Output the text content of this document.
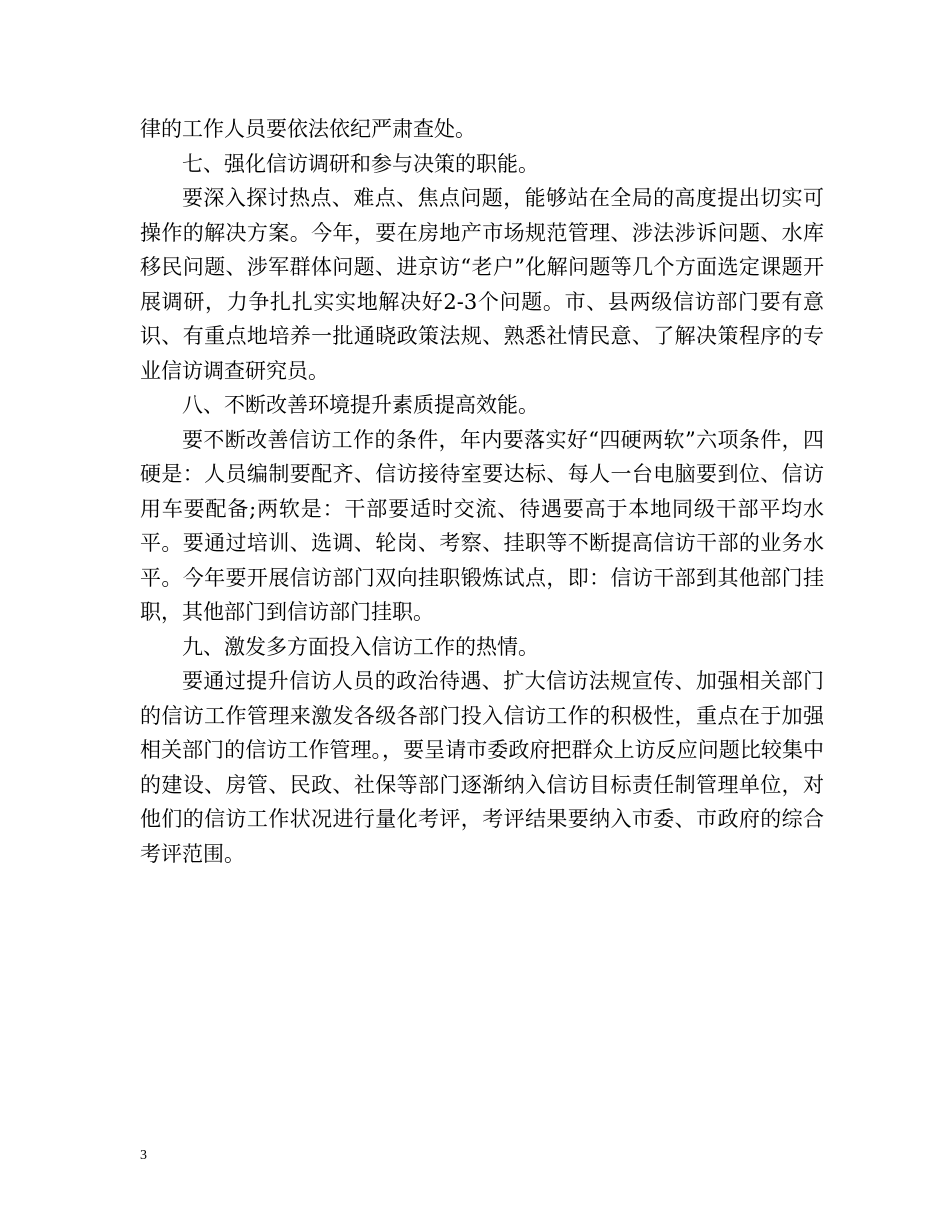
律的工作人员要依法依纪严肃查处。

七、强化信访调研和参与决策的职能。

要深入探讨热点、难点、焦点问题，能够站在全局的高度提出切实可操作的解决方案。今年，要在房地产市场规范管理、涉法涉诉问题、水库移民问题、涉军群体问题、进京访“老户”化解问题等几个方面选定课题开展调研，力争扎扎实实地解决好2-3个问题。市、县两级信访部门要有意识、有重点地培养一批通晓政策法规、熟悉社情民意、了解决策程序的专业信访调查研究员。

八、不断改善环境提升素质提高效能。

要不断改善信访工作的条件，年内要落实好“四硬两软”六项条件，四硬是：人员编制要配齐、信访接待室要达标、每人一台电脑要到位、信访用车要配备;两软是：干部要适时交流、待遇要高于本地同级干部平均水平。要通过培训、选调、轮岗、考察、挂职等不断提高信访干部的业务水平。今年要开展信访部门双向挂职锻炼试点，即：信访干部到其他部门挂职，其他部门到信访部门挂职。

九、激发多方面投入信访工作的热情。

要通过提升信访人员的政治待遇、扩大信访法规宣传、加强相关部门的信访工作管理来激发各级各部门投入信访工作的积极性，重点在于加强相关部门的信访工作管理。，要呈请市委政府把群众上访反应问题比较集中的建设、房管、民政、社保等部门逐渐纳入信访目标责任制管理单位，对他们的信访工作状况进行量化考评，考评结果要纳入市委、市政府的综合考评范围。

3
